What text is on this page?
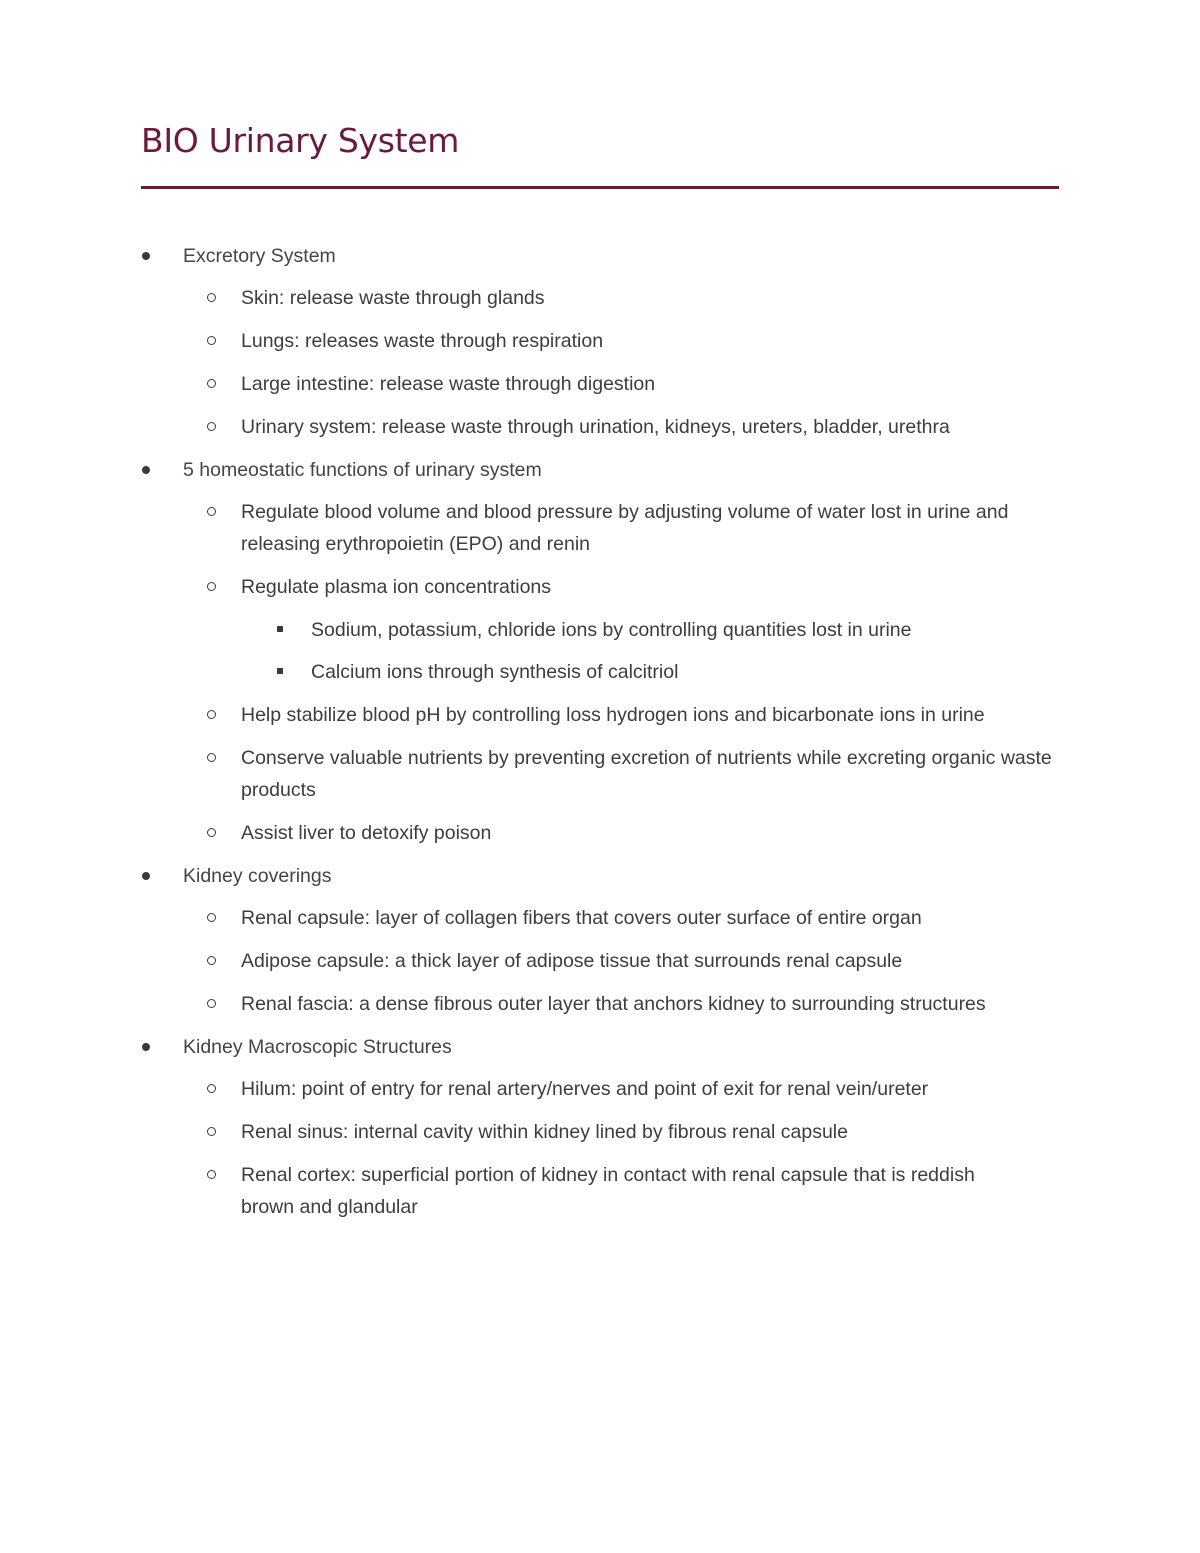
BIO Urinary System
Excretory System
Skin: release waste through glands
Lungs: releases waste through respiration
Large intestine: release waste through digestion
Urinary system: release waste through urination, kidneys, ureters, bladder, urethra
5 homeostatic functions of urinary system
Regulate blood volume and blood pressure by adjusting volume of water lost in urine and releasing erythropoietin (EPO) and renin
Regulate plasma ion concentrations
Sodium, potassium, chloride ions by controlling quantities lost in urine
Calcium ions through synthesis of calcitriol
Help stabilize blood pH by controlling loss hydrogen ions and bicarbonate ions in urine
Conserve valuable nutrients by preventing excretion of nutrients while excreting organic waste products
Assist liver to detoxify poison
Kidney coverings
Renal capsule: layer of collagen fibers that covers outer surface of entire organ
Adipose capsule: a thick layer of adipose tissue that surrounds renal capsule
Renal fascia: a dense fibrous outer layer that anchors kidney to surrounding structures
Kidney Macroscopic Structures
Hilum: point of entry for renal artery/nerves and point of exit for renal vein/ureter
Renal sinus: internal cavity within kidney lined by fibrous renal capsule
Renal cortex: superficial portion of kidney in contact with renal capsule that is reddish brown and glandular
